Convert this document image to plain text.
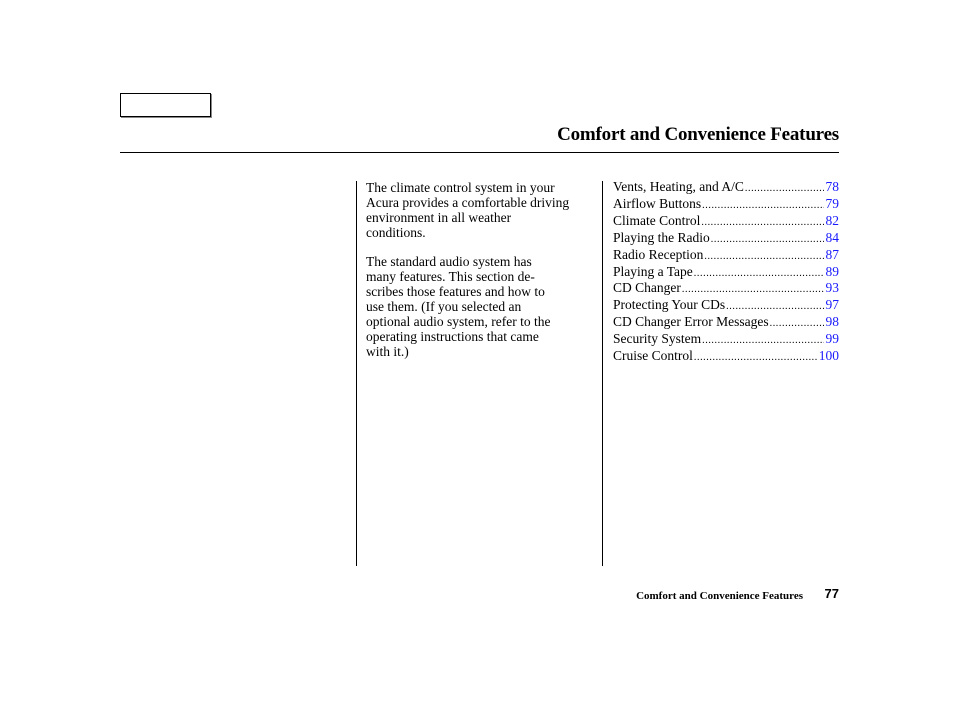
Comfort and Convenience Features

The climate control system in your
Acura provides a comfortable driving
environment in all weather
conditions.

The standard audio system has
many features. This section de-
scribes those features and how to
use them. (If you selected an
optional audio system, refer to the
operating instructions that came
with it.)

Vents, Heating, and A/C .....	78
Airflow Buttons .....	79
Climate Control .....	82
Playing the Radio .....	84
Radio Reception .....	87
Playing a Tape .....	89
CD Changer .....	93
Protecting Your CDs .....	97
CD Changer Error Messages .....	98
Security System .....	99
Cruise Control .....	100
Comfort and Convenience Features 77
